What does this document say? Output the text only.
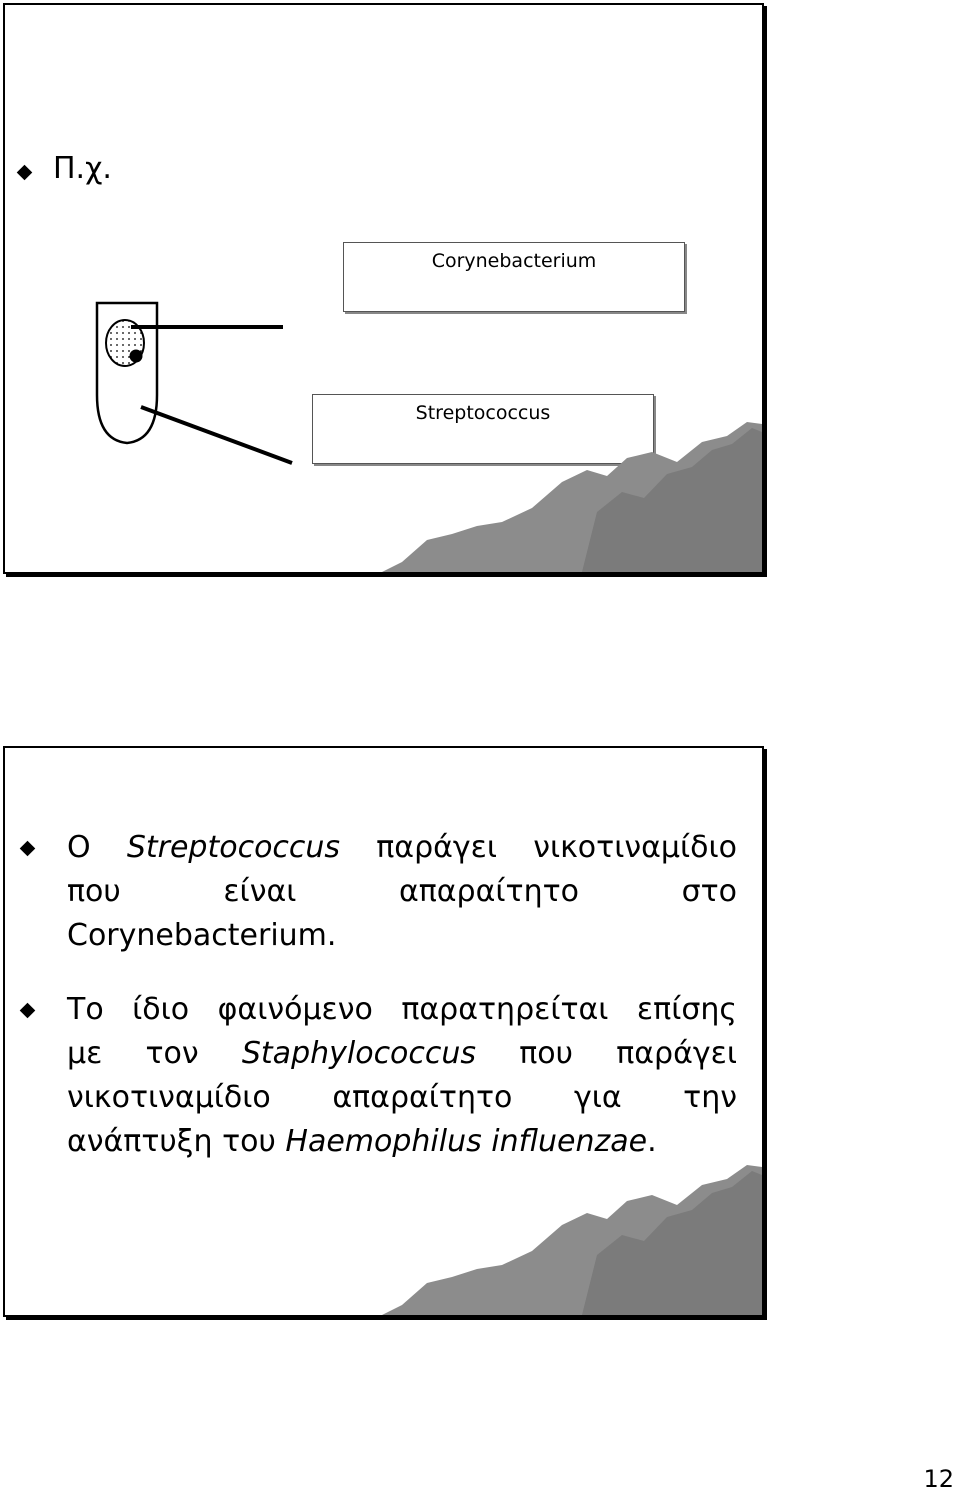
Π.χ.
Corynebacterium
Streptococcus
Ο Streptococcus παράγει νικοτιναμίδιο
που είναι απαραίτητο στο
Corynebacterium.
Το ίδιο φαινόμενο παρατηρείται επίσης
με τον Staphylococcus που παράγει
νικοτιναμίδιο απαραίτητο για την
ανάπτυξη του Haemophilus influenzae.
12
